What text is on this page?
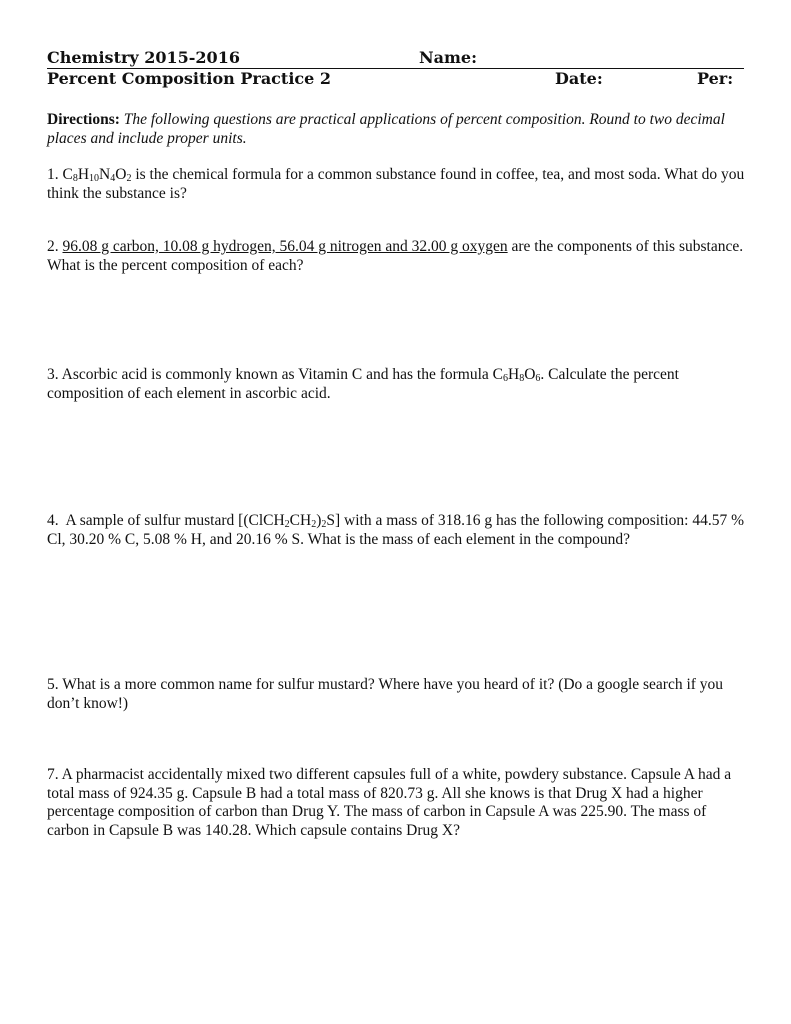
Chemistry 2015-2016	Name:
Percent Composition Practice 2	Date:	Per:
Directions: The following questions are practical applications of percent composition. Round to two decimal places and include proper units.
1. $C_8H_{10}N_4O_2$ is the chemical formula for a common substance found in coffee, tea, and most soda. What do you think the substance is?
2. 96.08 g carbon, 10.08 g hydrogen, 56.04 g nitrogen and 32.00 g oxygen are the components of this substance. What is the percent composition of each?
3. Ascorbic acid is commonly known as Vitamin C and has the formula $C_6H_8O_6$. Calculate the percent composition of each element in ascorbic acid.
4. A sample of sulfur mustard $[(ClCH_2CH_2)_2S]$ with a mass of 318.16 g has the following composition: 44.57 % Cl, 30.20 % C, 5.08 % H, and 20.16 % S. What is the mass of each element in the compound?
5. What is a more common name for sulfur mustard? Where have you heard of it? (Do a google search if you don’t know!)
7. A pharmacist accidentally mixed two different capsules full of a white, powdery substance. Capsule A had a total mass of 924.35 g. Capsule B had a total mass of 820.73 g. All she knows is that Drug X had a higher percentage composition of carbon than Drug Y. The mass of carbon in Capsule A was 225.90. The mass of carbon in Capsule B was 140.28. Which capsule contains Drug X?
